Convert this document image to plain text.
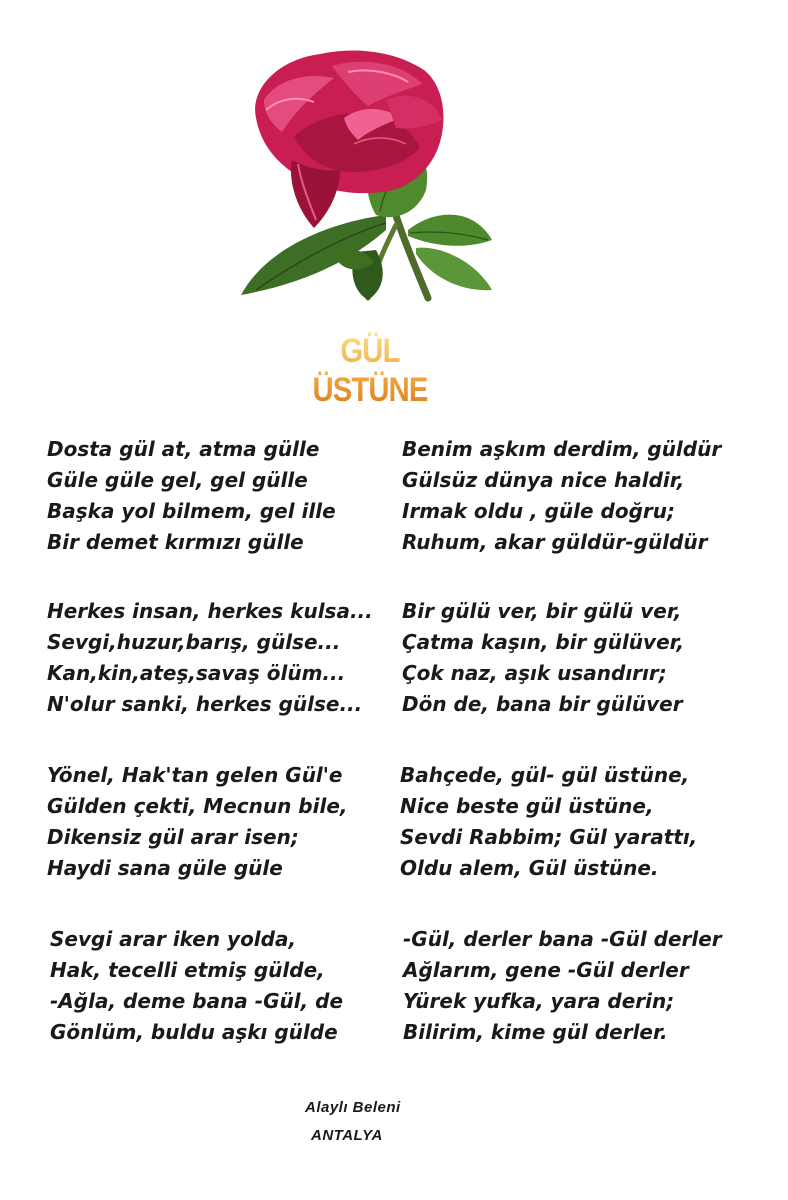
GÜL ÜSTÜNE
Dosta gül at, atma gülle
Güle güle gel, gel gülle
Başka yol bilmem, gel ille
Bir demet kırmızı gülle
Herkes insan, herkes kulsa...
Sevgi,huzur,barış, gülse...
Kan,kin,ateş,savaş ölüm...
N'olur sanki, herkes gülse...
Yönel, Hak'tan gelen Gül'e
Gülden çekti, Mecnun bile,
Dikensiz gül arar isen;
Haydi sana güle güle
Sevgi arar iken yolda,
Hak, tecelli etmiş gülde,
-Ağla, deme bana -Gül, de
Gönlüm, buldu aşkı gülde
Benim aşkım derdim, güldür
Gülsüz dünya nice haldir,
Irmak oldu , güle doğru;
Ruhum, akar güldür-güldür
Bir gülü ver, bir gülü ver,
Çatma kaşın, bir gülüver,
Çok naz, aşık usandırır;
Dön de, bana bir gülüver
Bahçede, gül- gül üstüne,
Nice beste gül üstüne,
Sevdi Rabbim; Gül yarattı,
Oldu alem, Gül üstüne.
-Gül, derler bana -Gül derler
Ağlarım, gene -Gül derler
Yürek yufka, yara derin;
Bilirim, kime gül derler.
Alaylı Beleni
ANTALYA
